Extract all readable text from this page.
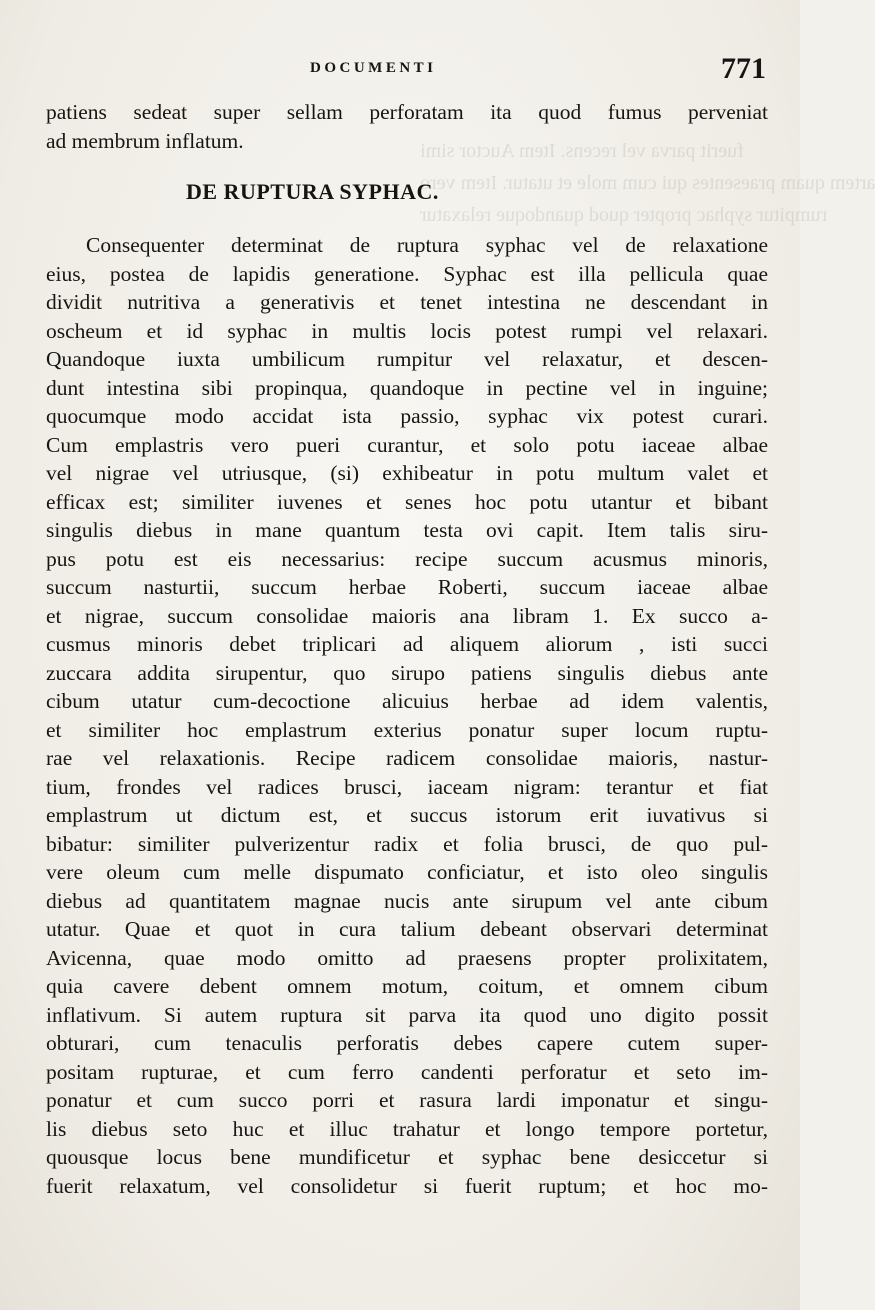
fuerit parva vel recens. Item Auctor simi
artem quam praesentes qui cum mole et utatur. Item vero
rumpitur syphac propter quod quandoque relaxatur
DOCUMENTI	771
patiens sedeat super sellam perforatam ita quod fumus perveniat
ad membrum inflatum.
DE RUPTURA SYPHAC.
Consequenter determinat de ruptura syphac vel de relaxatione
eius, postea de lapidis generatione. Syphac est illa pellicula quae
dividit nutritiva a generativis et tenet intestina ne descendant in
oscheum et id syphac in multis locis potest rumpi vel relaxari.
Quandoque iuxta umbilicum rumpitur vel relaxatur, et descen-
dunt intestina sibi propinqua, quandoque in pectine vel in inguine;
quocumque modo accidat ista passio, syphac vix potest curari.
Cum emplastris vero pueri curantur, et solo potu iaceae albae
vel nigrae vel utriusque, (si) exhibeatur in potu multum valet et
efficax est; similiter iuvenes et senes hoc potu utantur et bibant
singulis diebus in mane quantum testa ovi capit. Item talis siru-
pus potu est eis necessarius: recipe succum acusmus minoris,
succum nasturtii, succum herbae Roberti, succum iaceae albae
et nigrae, succum consolidae maioris ana libram 1. Ex succo a-
cusmus minoris debet triplicari ad aliquem aliorum , isti succi
zuccara addita sirupentur, quo sirupo patiens singulis diebus ante
cibum utatur cum-decoctione alicuius herbae ad idem valentis,
et similiter hoc emplastrum exterius ponatur super locum ruptu-
rae vel relaxationis. Recipe radicem consolidae maioris, nastur-
tium, frondes vel radices brusci, iaceam nigram: terantur et fiat
emplastrum ut dictum est, et succus istorum erit iuvativus si
bibatur: similiter pulverizentur radix et folia brusci, de quo pul-
vere oleum cum melle dispumato conficiatur, et isto oleo singulis
diebus ad quantitatem magnae nucis ante sirupum vel ante cibum
utatur. Quae et quot in cura talium debeant observari determinat
Avicenna, quae modo omitto ad praesens propter prolixitatem,
quia cavere debent omnem motum, coitum, et omnem cibum
inflativum. Si autem ruptura sit parva ita quod uno digito possit
obturari, cum tenaculis perforatis debes capere cutem super-
positam rupturae, et cum ferro candenti perforatur et seto im-
ponatur et cum succo porri et rasura lardi imponatur et singu-
lis diebus seto huc et illuc trahatur et longo tempore portetur,
quousque locus bene mundificetur et syphac bene desiccetur si
fuerit relaxatum, vel consolidetur si fuerit ruptum; et hoc mo-
